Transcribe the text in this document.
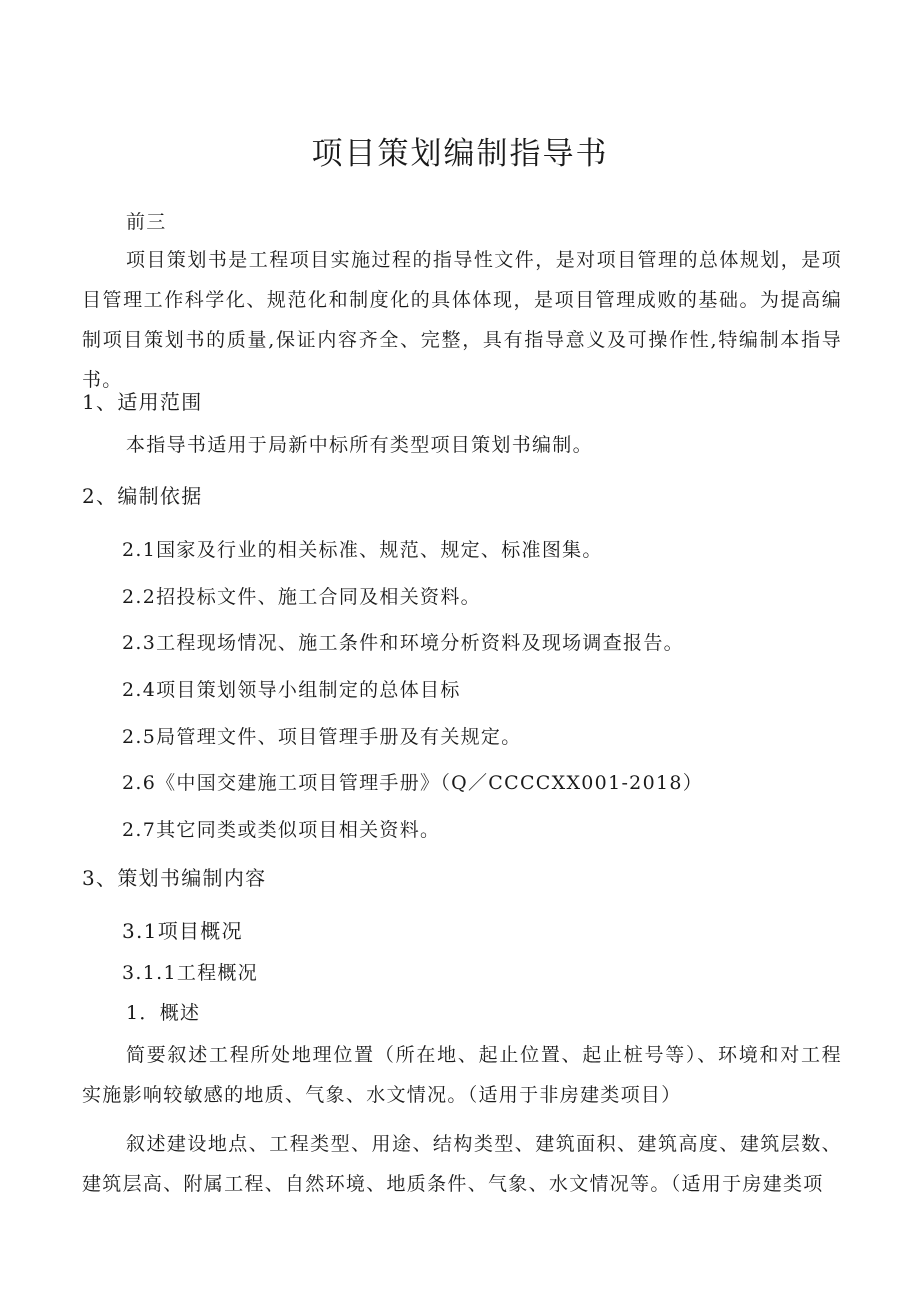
项目策划编制指导书
前三
项目策划书是工程项目实施过程的指导性文件，是对项目管理的总体规划，是项目管理工作科学化、规范化和制度化的具体体现，是项目管理成败的基础。为提高编制项目策划书的质量,保证内容齐全、完整，具有指导意义及可操作性,特编制本指导书。
1、适用范围
本指导书适用于局新中标所有类型项目策划书编制。
2、编制依据
2.1国家及行业的相关标准、规范、规定、标准图集。
2.2招投标文件、施工合同及相关资料。
2.3工程现场情况、施工条件和环境分析资料及现场调查报告。
2.4项目策划领导小组制定的总体目标
2.5局管理文件、项目管理手册及有关规定。
2.6《中国交建施工项目管理手册》（Q／CCCCXX001-2018）
2.7其它同类或类似项目相关资料。
3、策划书编制内容
3.1项目概况
3.1.1工程概况
1．概述
简要叙述工程所处地理位置（所在地、起止位置、起止桩号等）、环境和对工程实施影响较敏感的地质、气象、水文情况。（适用于非房建类项目）
叙述建设地点、工程类型、用途、结构类型、建筑面积、建筑高度、建筑层数、建筑层高、附属工程、自然环境、地质条件、气象、水文情况等。（适用于房建类项
